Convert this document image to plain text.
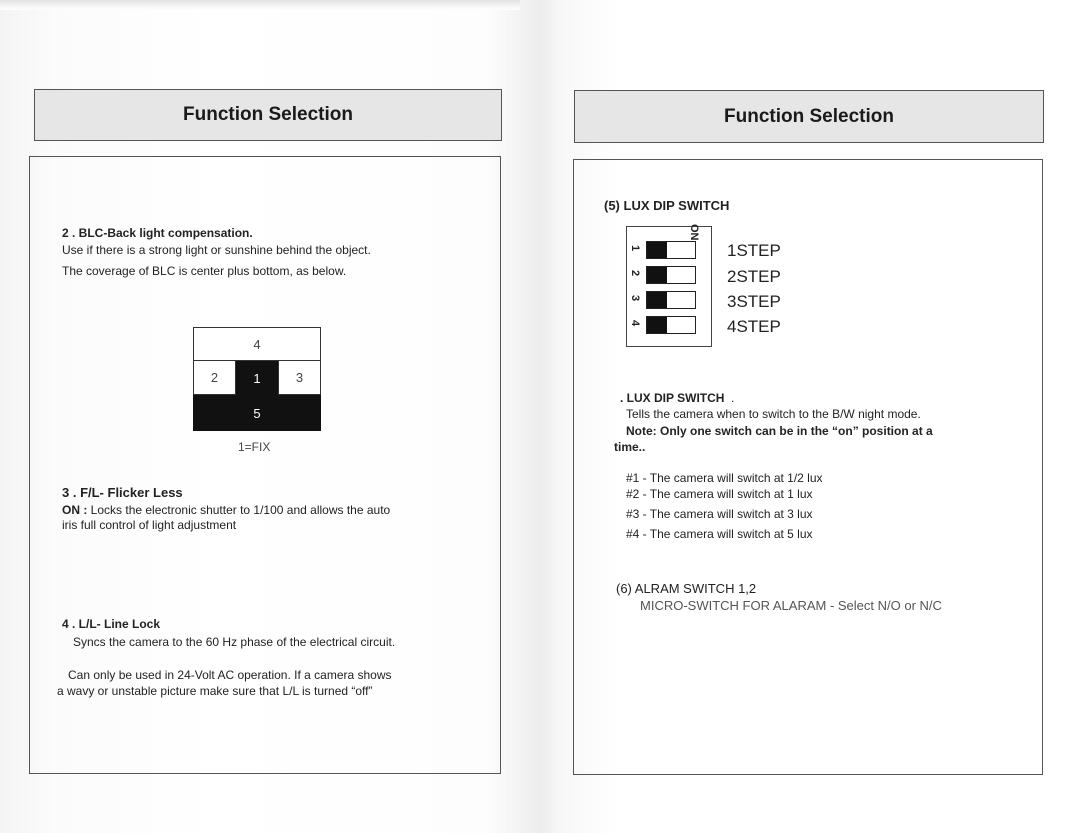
Function Selection
2 . BLC-Back light compensation.
Use if there is a strong light or sunshine behind the object.
The coverage of BLC is center plus bottom, as below.
4
2	1	3
5
1=FIX
3 . F/L- Flicker Less
ON : Locks the electronic shutter to 1/100 and allows the auto
iris full control of light adjustment
4 . L/L- Line Lock
Syncs the camera to the 60 Hz phase of the electrical circuit.
Can only be used in 24-Volt AC operation. If a camera shows
a wavy or unstable picture make sure that L/L is turned “off”
Function Selection
(5) LUX DIP SWITCH
1
2
3
4
ON
1STEP
2STEP
3STEP
4STEP
. LUX DIP SWITCH .
Tells the camera when to switch to the B/W night mode.
Note: Only one switch can be in the “on” position at a
time..
#1 - The camera will switch at 1/2 lux
#2 - The camera will switch at 1 lux
#3 - The camera will switch at 3 lux
#4 - The camera will switch at 5 lux
(6) ALRAM SWITCH 1,2
MICRO-SWITCH FOR ALARAM - Select N/O or N/C
